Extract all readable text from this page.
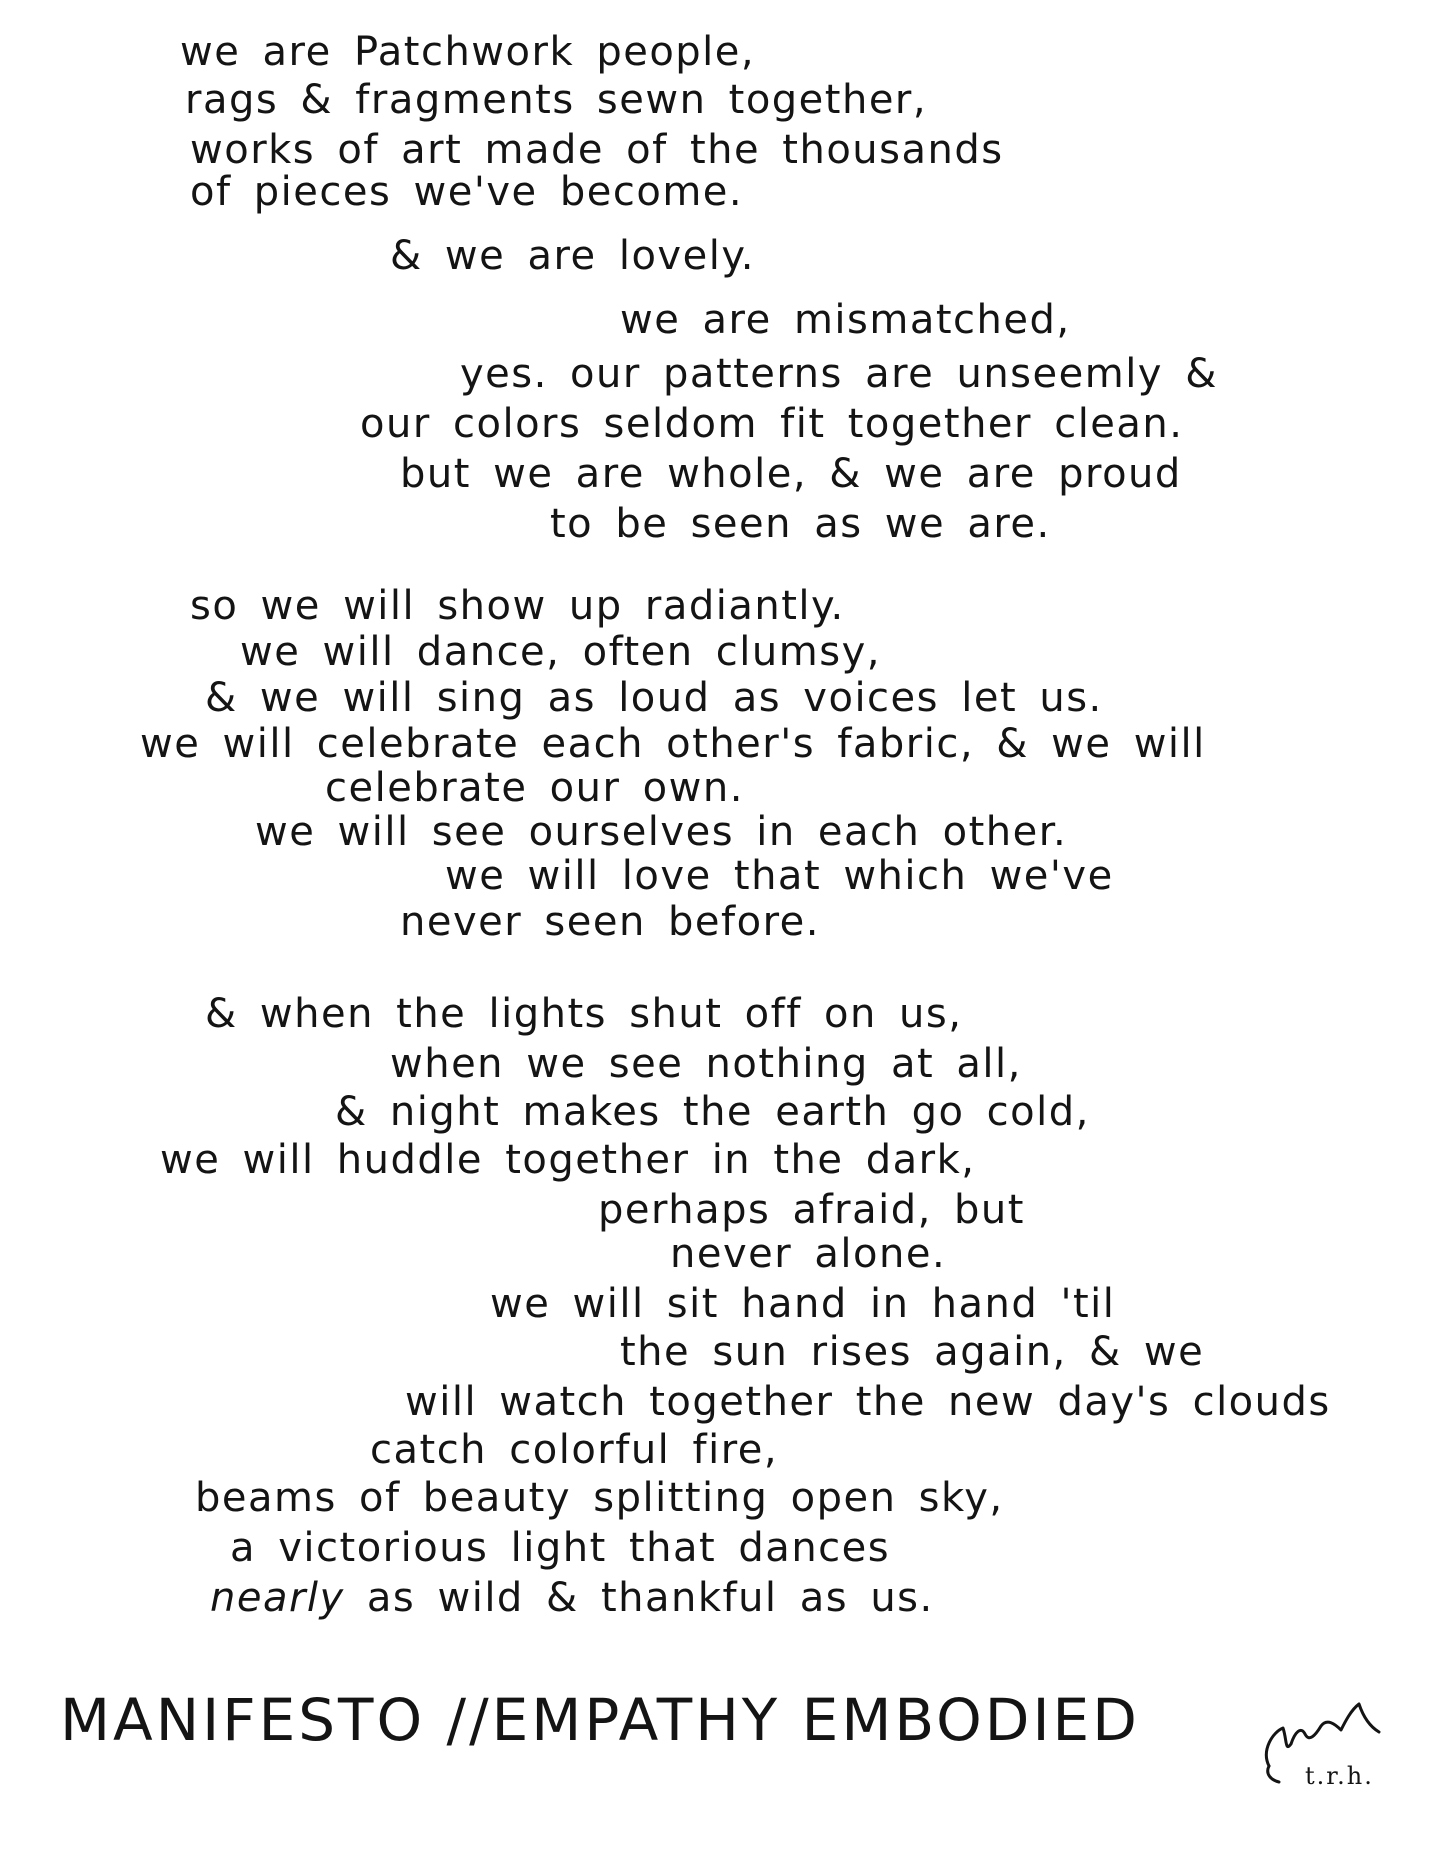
we are Patchwork people,
rags & fragments sewn together,
works of art made of the thousands
of pieces we've become.
& we are lovely.
we are mismatched,
yes. our patterns are unseemly &
our colors seldom fit together clean.
but we are whole, & we are proud
to be seen as we are.
so we will show up radiantly.
we will dance, often clumsy,
& we will sing as loud as voices let us.
we will celebrate each other's fabric, & we will
celebrate our own.
we will see ourselves in each other.
we will love that which we've
never seen before.
& when the lights shut off on us,
when we see nothing at all,
& night makes the earth go cold,
we will huddle together in the dark,
perhaps afraid, but
never alone.
we will sit hand in hand 'til
the sun rises again, & we
will watch together the new day's clouds
catch colorful fire,
beams of beauty splitting open sky,
a victorious light that dances
nearly as wild & thankful as us.
MANIFESTO //EMPATHY EMBODIED
t.r.h.
